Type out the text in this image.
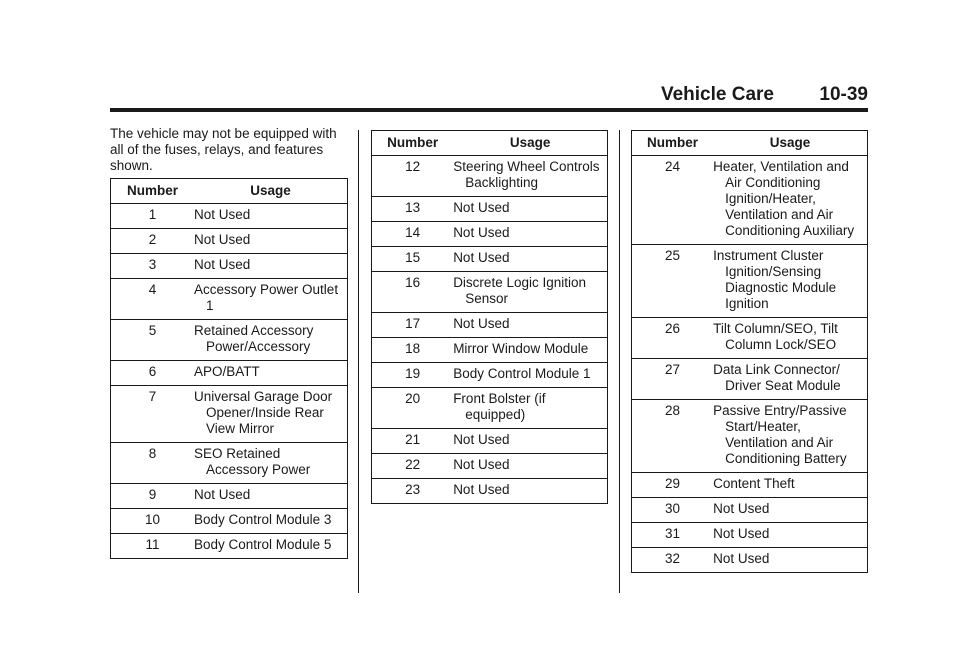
Vehicle Care 10-39
The vehicle may not be equipped with all of the fuses, relays, and features shown.
Number	Usage
1	Not Used

2	Not Used

3	Not Used

4	Accessory Power Outlet 1

5	Retained Accessory Power/Accessory

6	APO/BATT

7	Universal Garage Door Opener/Inside Rear View Mirror

8	SEO Retained Accessory Power

9	Not Used

10	Body Control Module 3

11	Body Control Module 5
Number	Usage
12	Steering Wheel Controls Backlighting

13	Not Used

14	Not Used

15	Not Used

16	Discrete Logic Ignition Sensor

17	Not Used

18	Mirror Window Module

19	Body Control Module 1

20	Front Bolster (if equipped)

21	Not Used

22	Not Used

23	Not Used
Number	Usage
24	Heater, Ventilation and Air Conditioning Ignition/Heater, Ventilation and Air Conditioning Auxiliary

25	Instrument Cluster Ignition/Sensing Diagnostic Module Ignition

26	Tilt Column/SEO, Tilt Column Lock/SEO

27	Data Link Connector/ Driver Seat Module

28	Passive Entry/Passive Start/Heater, Ventilation and Air Conditioning Battery

29	Content Theft

30	Not Used

31	Not Used

32	Not Used
